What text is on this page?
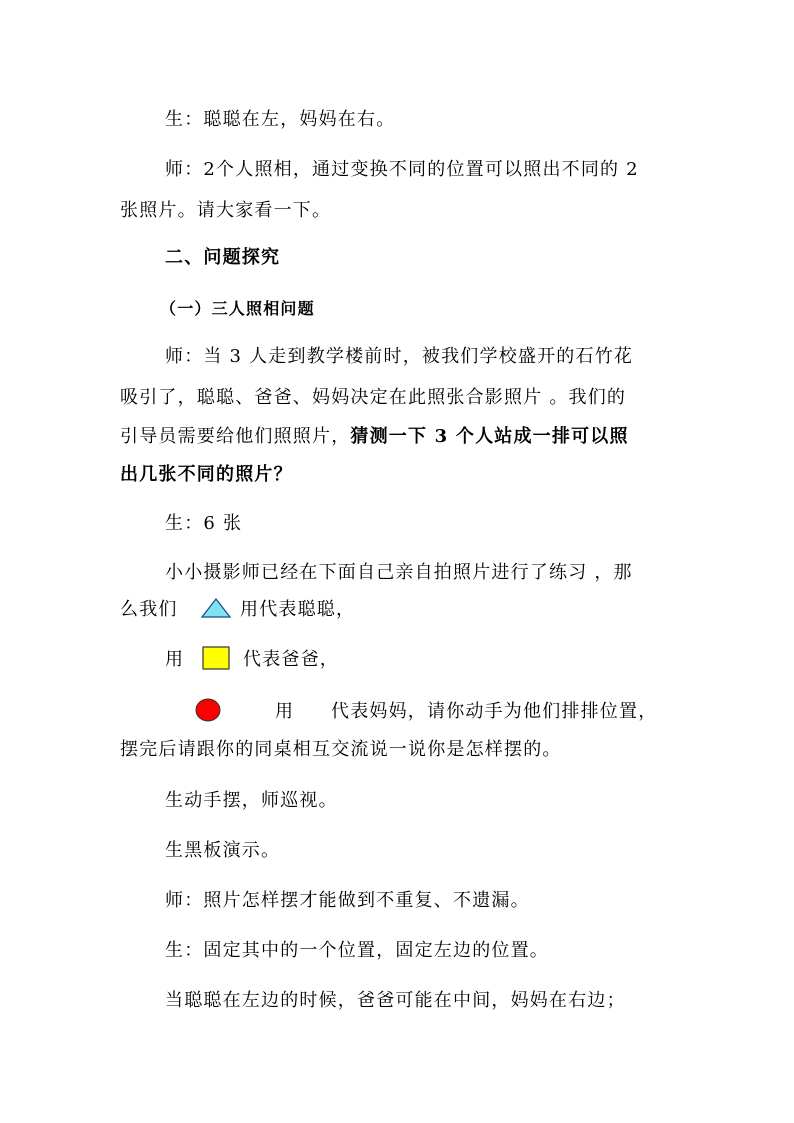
生：聪聪在左，妈妈在右。
师：2个人照相，通过变换不同的位置可以照出不同的 2
张照片。请大家看一下。
二、问题探究
（一）三人照相问题
师：当 3 人走到教学楼前时，被我们学校盛开的石竹花
吸引了，聪聪、爸爸、妈妈决定在此照张合影照片 。我们的
引导员需要给他们照照片，猜测一下 3 个人站成一排可以照
出几张不同的照片？
生：6 张
小小摄影师已经在下面自己亲自拍照片进行了练习 ，那
么我们	用代表聪聪，
用	代表爸爸，
用 代表妈妈，请你动手为他们排排位置，
摆完后请跟你的同桌相互交流说一说你是怎样摆的。
生动手摆，师巡视。
生黑板演示。
师：照片怎样摆才能做到不重复、不遗漏。
生：固定其中的一个位置，固定左边的位置。
当聪聪在左边的时候，爸爸可能在中间，妈妈在右边；
